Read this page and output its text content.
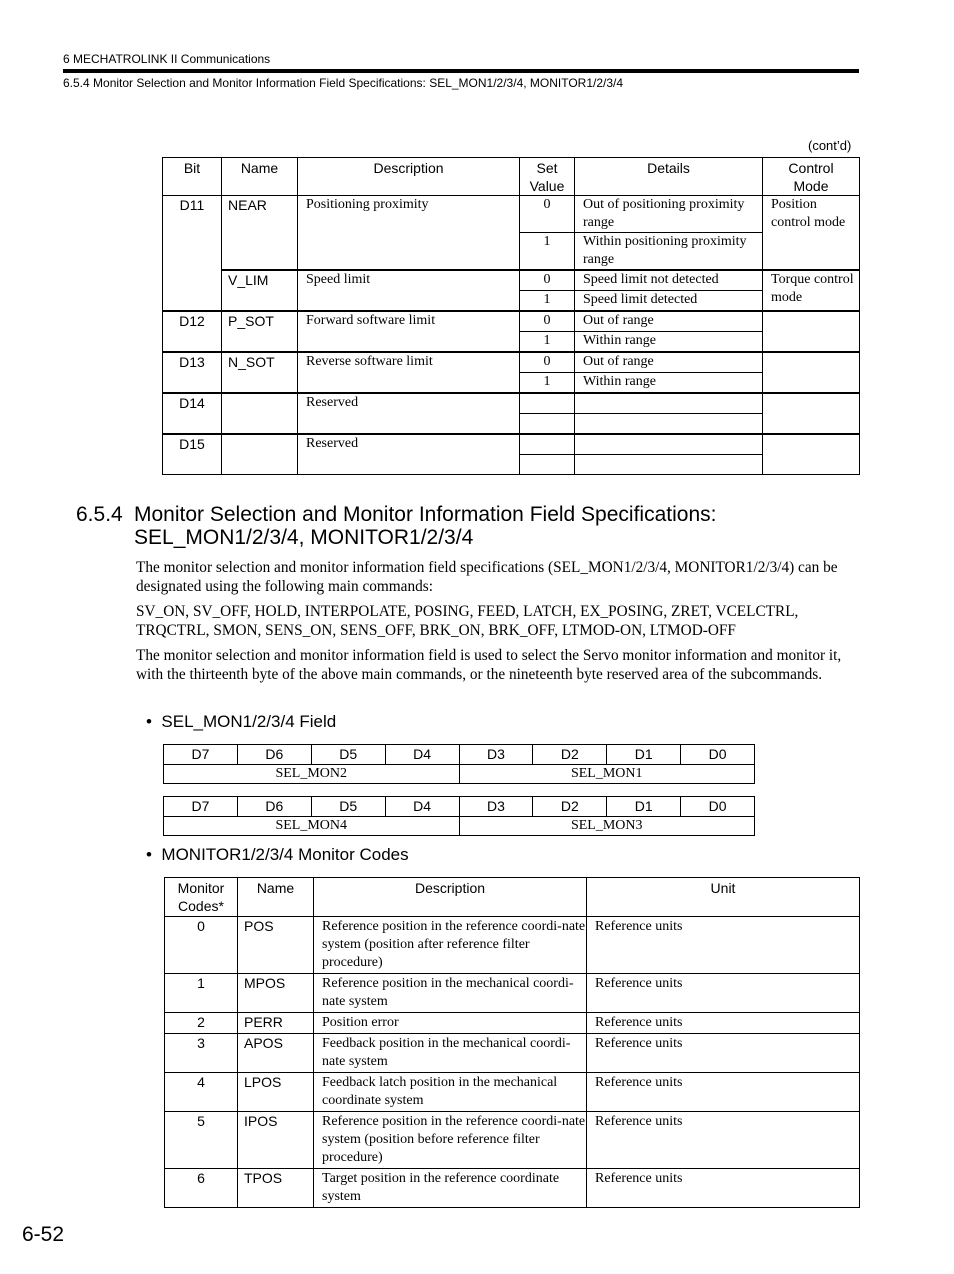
6 MECHATROLINK II Communications
6.5.4 Monitor Selection and Monitor Information Field Specifications: SEL_MON1/2/3/4, MONITOR1/2/3/4
(cont’d)
Bit	Name	Description	Set Value	Details	Control Mode
D11	NEAR	Positioning proximity	0	Out of positioning proximity range	Position control mode
			1	Within positioning proximity range	
	V_LIM	Speed limit	0	Speed limit not detected	Torque control mode
			1	Speed limit detected	
D12	P_SOT	Forward software limit	0	Out of range	
			1	Within range	
D13	N_SOT	Reverse software limit	0	Out of range	
			1	Within range	
D14		Reserved			

D15		Reserved			

6.5.4 Monitor Selection and Monitor Information Field Specifications:
SEL_MON1/2/3/4, MONITOR1/2/3/4
The monitor selection and monitor information field specifications (SEL_MON1/2/3/4, MONITOR1/2/3/4) can be designated using the following main commands:
SV_ON, SV_OFF, HOLD, INTERPOLATE, POSING, FEED, LATCH, EX_POSING, ZRET, VCELCTRL, TRQCTRL, SMON, SENS_ON, SENS_OFF, BRK_ON, BRK_OFF, LTMOD-ON, LTMOD-OFF
The monitor selection and monitor information field is used to select the Servo monitor information and monitor it, with the thirteenth byte of the above main commands, or the nineteenth byte reserved area of the subcommands.
• SEL_MON1/2/3/4 Field
D7	D6	D5	D4	D3	D2	D1	D0
SEL_MON2				SEL_MON1			
D7	D6	D5	D4	D3	D2	D1	D0
SEL_MON4				SEL_MON3			
• MONITOR1/2/3/4 Monitor Codes
Monitor Codes*	Name	Description	Unit
0	POS	Reference position in the reference coordi-nate system (position after reference filter procedure)	Reference units
1	MPOS	Reference position in the mechanical coordi-nate system	Reference units
2	PERR	Position error	Reference units
3	APOS	Feedback position in the mechanical coordi-nate system	Reference units
4	LPOS	Feedback latch position in the mechanical coordinate system	Reference units
5	IPOS	Reference position in the reference coordi-nate system (position before reference filter procedure)	Reference units
6	TPOS	Target position in the reference coordinate system	Reference units
6-52
